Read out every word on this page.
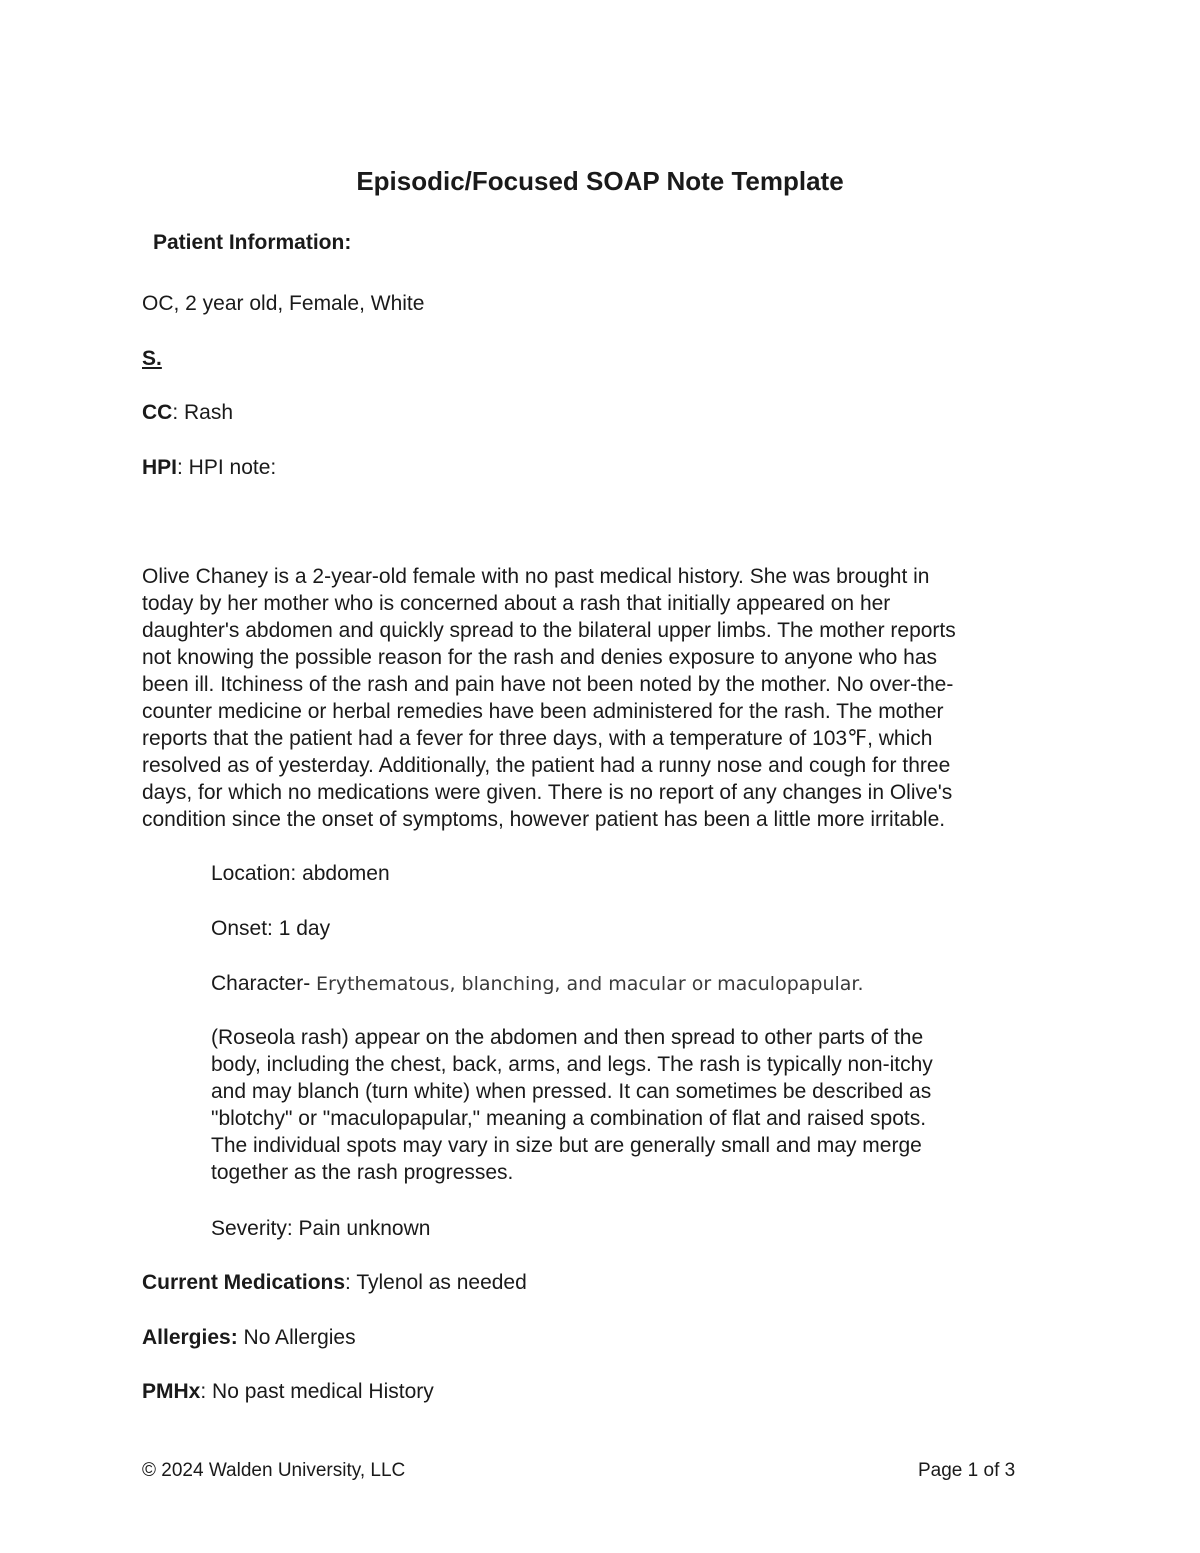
Episodic/Focused SOAP Note Template
Patient Information:
OC, 2 year old, Female, White
S.
CC: Rash
HPI: HPI note:
Olive Chaney is a 2-year-old female with no past medical history. She was brought in
today by her mother who is concerned about a rash that initially appeared on her
daughter's abdomen and quickly spread to the bilateral upper limbs. The mother reports
not knowing the possible reason for the rash and denies exposure to anyone who has
been ill. Itchiness of the rash and pain have not been noted by the mother. No over-the-
counter medicine or herbal remedies have been administered for the rash. The mother
reports that the patient had a fever for three days, with a temperature of 103℉, which
resolved as of yesterday. Additionally, the patient had a runny nose and cough for three
days, for which no medications were given. There is no report of any changes in Olive's
condition since the onset of symptoms, however patient has been a little more irritable.
Location: abdomen
Onset: 1 day
Character- Erythematous, blanching, and macular or maculopapular.
(Roseola rash) appear on the abdomen and then spread to other parts of the
body, including the chest, back, arms, and legs. The rash is typically non-itchy
and may blanch (turn white) when pressed. It can sometimes be described as
"blotchy" or "maculopapular," meaning a combination of flat and raised spots.
The individual spots may vary in size but are generally small and may merge
together as the rash progresses.
Severity: Pain unknown
Current Medications: Tylenol as needed
Allergies: No Allergies
PMHx: No past medical History
© 2024 Walden University, LLC	Page 1 of 3
